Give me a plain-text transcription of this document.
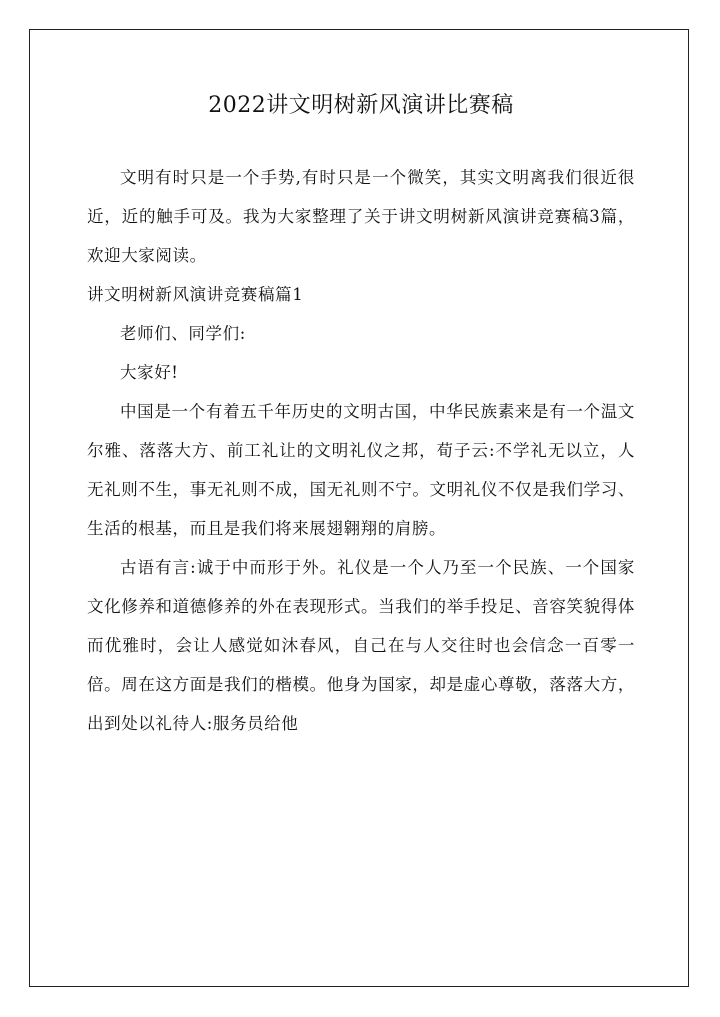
2022讲文明树新风演讲比赛稿

文明有时只是一个手势,有时只是一个微笑，其实文明离我们很近很近，近的触手可及。我为大家整理了关于讲文明树新风演讲竞赛稿3篇，欢迎大家阅读。

讲文明树新风演讲竞赛稿篇1

老师们、同学们:

大家好!

中国是一个有着五千年历史的文明古国，中华民族素来是有一个温文尔雅、落落大方、前工礼让的文明礼仪之邦，荀子云:不学礼无以立，人无礼则不生，事无礼则不成，国无礼则不宁。文明礼仪不仅是我们学习、生活的根基，而且是我们将来展翅翱翔的肩膀。

古语有言:诚于中而形于外。礼仪是一个人乃至一个民族、一个国家文化修养和道德修养的外在表现形式。当我们的举手投足、音容笑貌得体而优雅时，会让人感觉如沐春风，自己在与人交往时也会信念一百零一倍。周在这方面是我们的楷模。他身为国家，却是虚心尊敬，落落大方，出到处以礼待人:服务员给他
